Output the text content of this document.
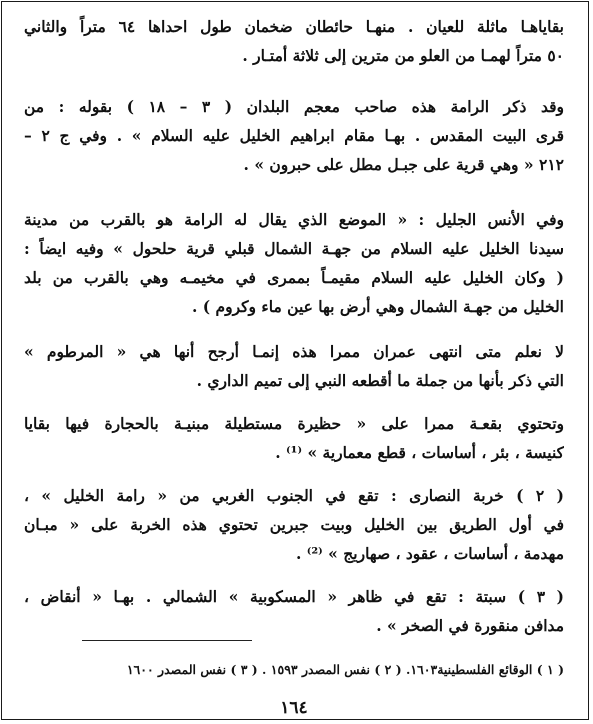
بقاياهـا ماثلة للعيان . منهـا حائطان ضخمان طول احداها ٦٤ متراً والثاني

٥٠ متراً لهمـا من العلو من مترين إلى ثلاثة أمتـار .

وقد ذكر الرامة هذه صاحب معجم البلدان ( ٣ – ١٨ ) بقوله : من

قرى البيت المقدس . بهـا مقام ابراهيم الخليل عليه السلام » . وفي ج ٢ –

٢١٢ « وهي قرية على جبـل مطل على حبرون » .

وفي الأنس الجليل : « الموضع الذي يقال له الرامة هو بالقرب من مدينة

سيدنا الخليل عليه السلام من جهـة الشمال قبلي قرية حلحول » وفيه ايضاً :

( وكان الخليل عليه السلام مقيمـاً بممرى في مخيمـه وهي بالقرب من بلد

الخليل من جهـة الشمال وهي أرض بها عين ماء وكروم ) .

لا نعلم متى انتهى عمران ممرا هذه إنمـا أرجح أنها هي « المرطوم »

التي ذكر بأنها من جملة ما أقطعه النبي إلى تميم الداري .

وتحتوي بقعـة ممرا على « حظيرة مستطيلة مبنيـة بالحجارة فيها بقايا

كنيسة ، بئر ، أساسات ، قطع معمارية » ⁽¹⁾ .

( ٢ ) خربة النصارى : تقع في الجنوب الغربي من « رامة الخليل » ،

في أول الطريق بين الخليل وبيت جبرين تحتوي هذه الخربة على « مبـان

مهدمة ، أساسات ، عقود ، صهاريج » ⁽²⁾ .

( ٣ ) سبتة : تقع في ظاهر « المسكوبية » الشمالي . بهـا « أنقاض ،

مدافن منقورة في الصخر » .

( ١ ) الوقائع الفلسطينية١٦٠٣. ( ٢ ) نفس المصدر ١٥٩٣ . ( ٣ ) نفس المصدر ١٦٠٠
١٦٤
